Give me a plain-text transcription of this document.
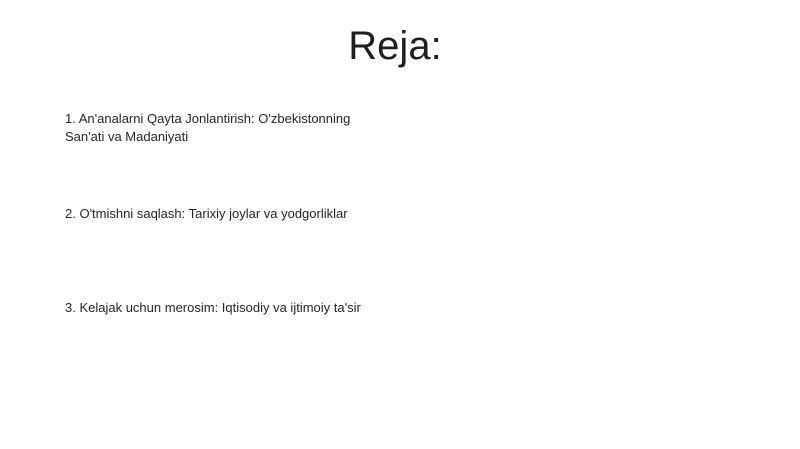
Reja:

1. An'analarni Qayta Jonlantirish: O'zbekistonning San'ati va Madaniyati

2. O'tmishni saqlash: Tarixiy joylar va yodgorliklar

3. Kelajak uchun merosim: Iqtisodiy va ijtimoiy ta'sir
